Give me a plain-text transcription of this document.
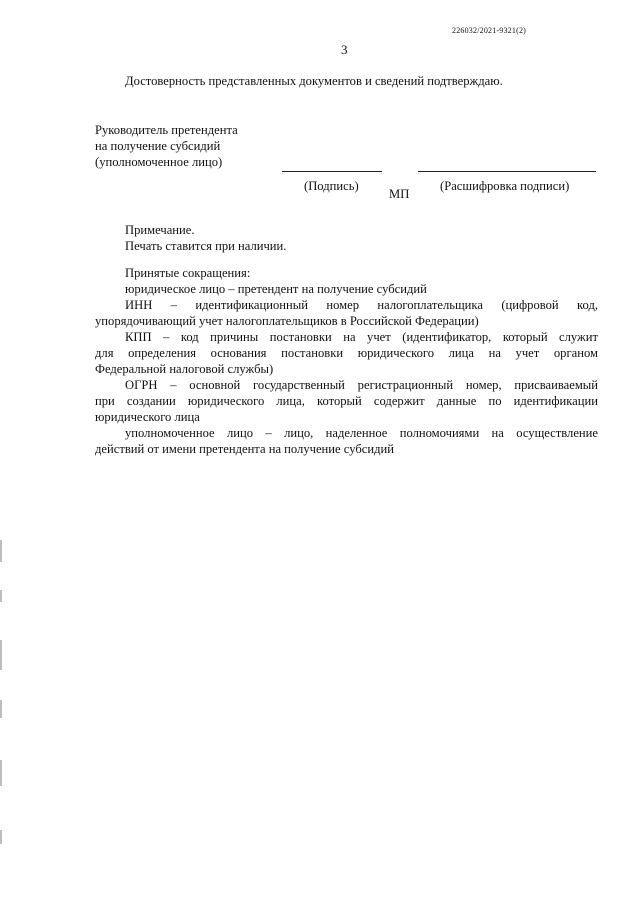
226032/2021-9321(2)
3
Достоверность представленных документов и сведений подтверждаю.
Руководитель претендента
на получение субсидий
(уполномоченное лицо)
(Подпись)
МП
(Расшифровка подписи)
Примечание.
Печать ставится при наличии.
Принятые сокращения:
юридическое лицо – претендент на получение субсидий
ИНН – идентификационный номер налогоплательщика (цифровой код,
упорядочивающий учет налогоплательщиков в Российской Федерации)
КПП – код причины постановки на учет (идентификатор, который служит
для определения основания постановки юридического лица на учет органом
Федеральной налоговой службы)
ОГРН – основной государственный регистрационный номер, присваиваемый
при создании юридического лица, который содержит данные по идентификации
юридического лица
уполномоченное лицо – лицо, наделенное полномочиями на осуществление
действий от имени претендента на получение субсидий
